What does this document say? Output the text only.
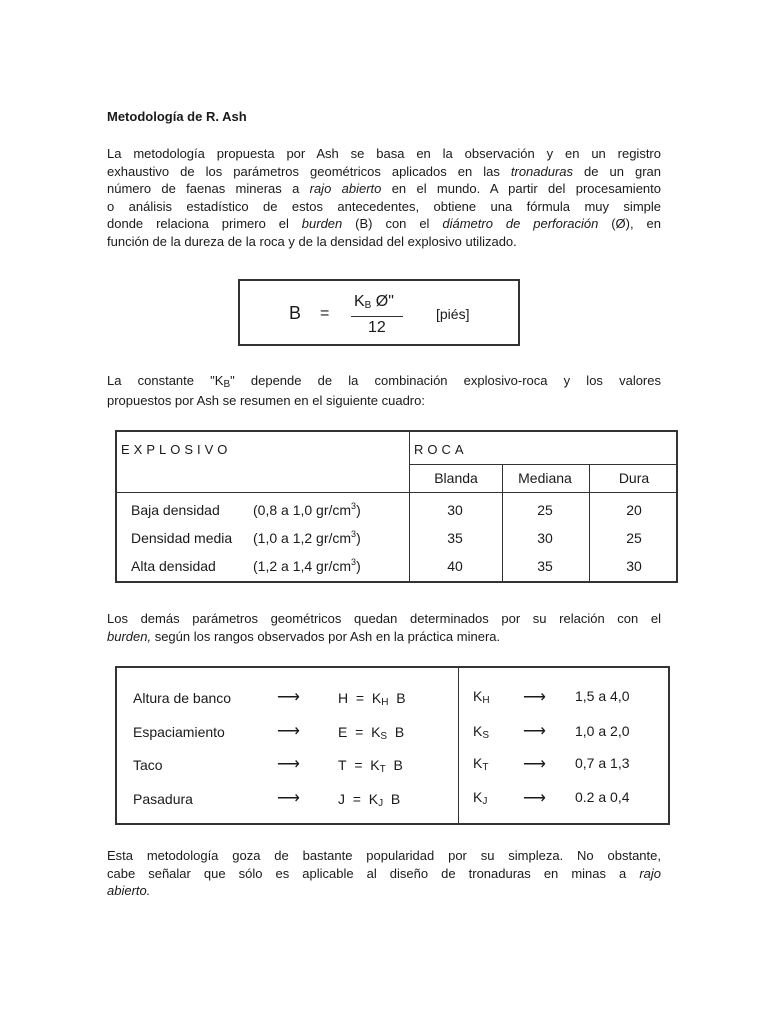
Metodología de R. Ash

La metodología propuesta por Ash se basa en la observación y en un registro
exhaustivo de los parámetros geométricos aplicados en las tronaduras de un gran
número de faenas mineras a rajo abierto en el mundo. A partir del procesamiento
o análisis estadístico de estos antecedentes, obtiene una fórmula muy simple
donde relaciona primero el burden (B) con el diámetro de perforación (Ø), en
función de la dureza de la roca y de la densidad del explosivo utilizado.

B =
KB Ø"
12
[piés]

La constante "KB" depende de la combinación explosivo-roca y los valores
propuestos por Ash se resumen en el siguiente cuadro:

EXPLOSIVO	ROCA
Blanda	Mediana	Dura
Baja densidad (0,8 a 1,0 $gr/cm^3$)	30	25	20
Densidad media (1,0 a 1,2 $gr/cm^3$)	35	30	25
Alta densidad	(1,2 a 1,4 $gr/cm^3$)	40	35	30

Los demás parámetros geométricos quedan determinados por su relación con el
burden, según los rangos observados por Ash en la práctica minera.

Altura de banco	⟶	H  =  KH B	KH ⟶ 1,5 a 4,0
Espaciamiento	⟶	E  =  KS B	KS ⟶ 1,0 a 2,0
Taco	⟶	T  =  KT B	KT ⟶ 0,7 a 1,3
Pasadura	⟶	J  =  KJ B	KJ ⟶ 0.2 a 0,4

Esta metodología goza de bastante popularidad por su simpleza. No obstante,
cabe señalar que sólo es aplicable al diseño de tronaduras en minas a rajo
abierto.
